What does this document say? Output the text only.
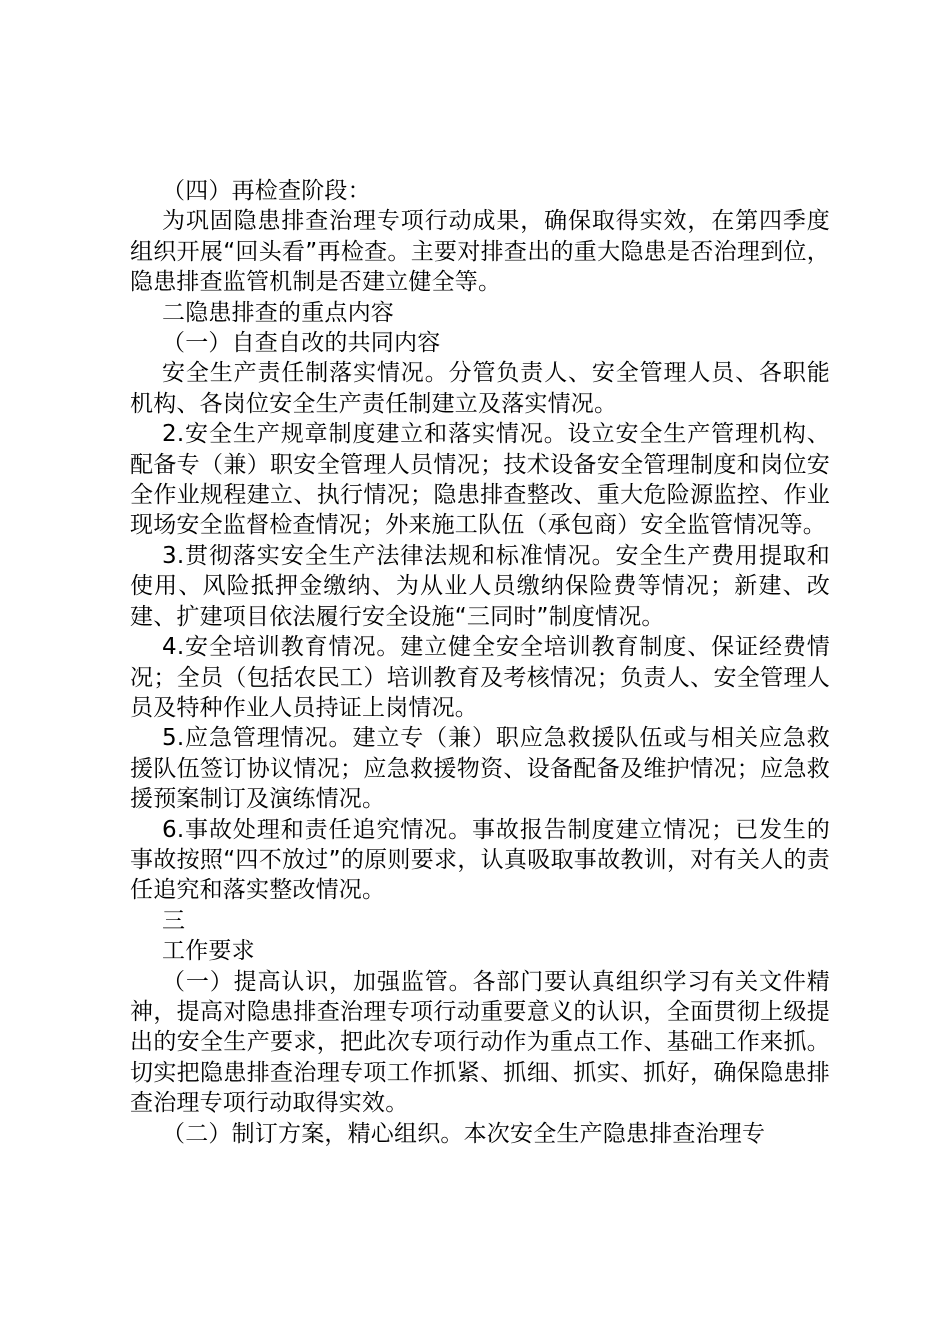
（四）再检查阶段：

为巩固隐患排查治理专项行动成果，确保取得实效，在第四季度组织开展“回头看”再检查。主要对排查出的重大隐患是否治理到位，隐患排查监管机制是否建立健全等。

二隐患排查的重点内容

（一）自查自改的共同内容

安全生产责任制落实情况。分管负责人、安全管理人员、各职能机构、各岗位安全生产责任制建立及落实情况。

2.安全生产规章制度建立和落实情况。设立安全生产管理机构、配备专（兼）职安全管理人员情况；技术设备安全管理制度和岗位安全作业规程建立、执行情况；隐患排查整改、重大危险源监控、作业现场安全监督检查情况；外来施工队伍（承包商）安全监管情况等。

3.贯彻落实安全生产法律法规和标准情况。安全生产费用提取和使用、风险抵押金缴纳、为从业人员缴纳保险费等情况；新建、改建、扩建项目依法履行安全设施“三同时”制度情况。

4.安全培训教育情况。建立健全安全培训教育制度、保证经费情况；全员（包括农民工）培训教育及考核情况；负责人、安全管理人员及特种作业人员持证上岗情况。

5.应急管理情况。建立专（兼）职应急救援队伍或与相关应急救援队伍签订协议情况；应急救援物资、设备配备及维护情况；应急救援预案制订及演练情况。

6.事故处理和责任追究情况。事故报告制度建立情况；已发生的事故按照“四不放过”的原则要求，认真吸取事故教训，对有关人的责任追究和落实整改情况。

三

工作要求

（一）提高认识，加强监管。各部门要认真组织学习有关文件精神，提高对隐患排查治理专项行动重要意义的认识，全面贯彻上级提出的安全生产要求，把此次专项行动作为重点工作、基础工作来抓。切实把隐患排查治理专项工作抓紧、抓细、抓实、抓好，确保隐患排查治理专项行动取得实效。

（二）制订方案，精心组织。本次安全生产隐患排查治理专
